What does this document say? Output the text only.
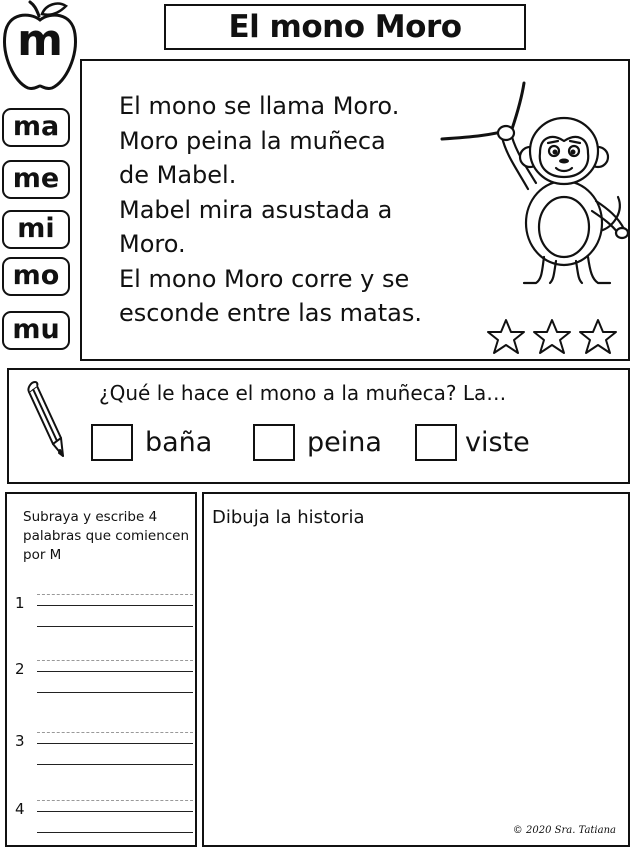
m	El mono Moro
ma
me
mi
mo
mu
El mono se llama Moro.
Moro peina la muñeca
de Mabel.
Mabel mira asustada a
Moro.
El mono Moro corre y se
esconde entre las matas.
¿Qué le hace el mono a la muñeca? La…
baña	peina	viste
Subraya y escribe 4 palabras que comiencen por M
1
2
3
4
Dibuja la historia
© 2020 Sra. Tatiana
